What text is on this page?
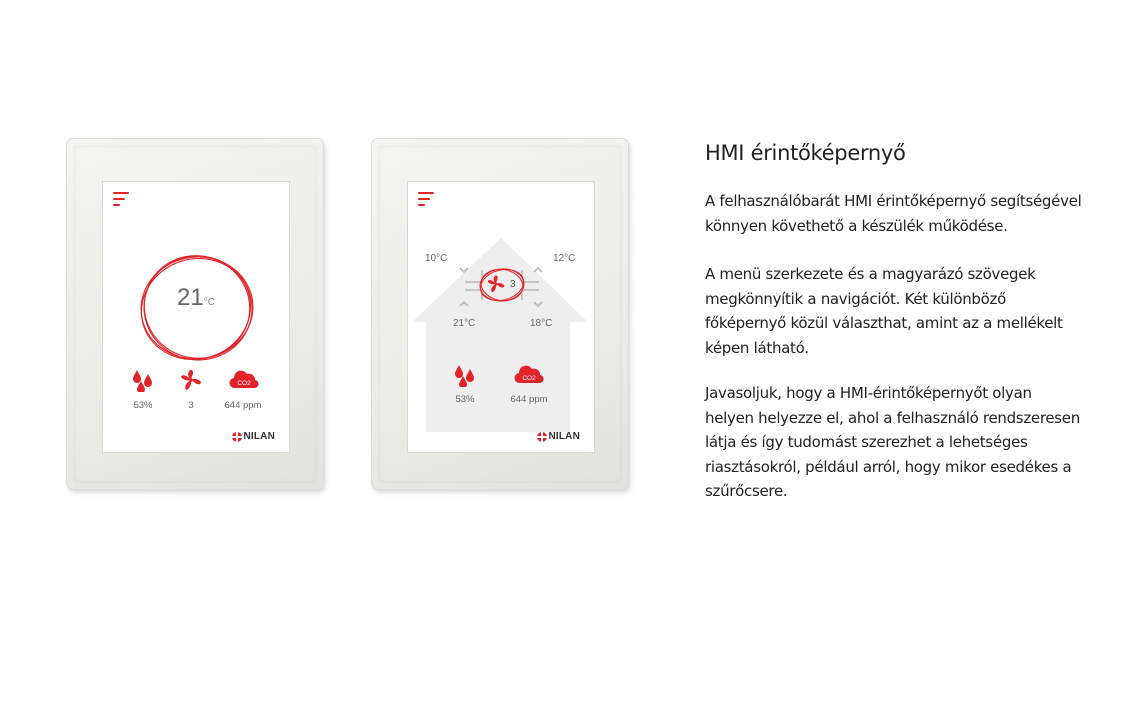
21°C
53%	3
CO2
644 ppm
NILAN
10°C	12°C
21°C	18°C
3
53%
CO2
644 ppm
NILAN
HMI érintőképernyő

A felhasználóbarát HMI érintőképernyő segítségével
könnyen követhető a készülék működése.

A menü szerkezete és a magyarázó szövegek
megkönnyítik a navigációt. Két különböző
főképernyő közül választhat, amint az a mellékelt
képen látható.

Javasoljuk, hogy a HMI-érintőképernyőt olyan
helyen helyezze el, ahol a felhasználó rendszeresen
látja és így tudomást szerezhet a lehetséges
riasztásokról, például arról, hogy mikor esedékes a
szűrőcsere.
